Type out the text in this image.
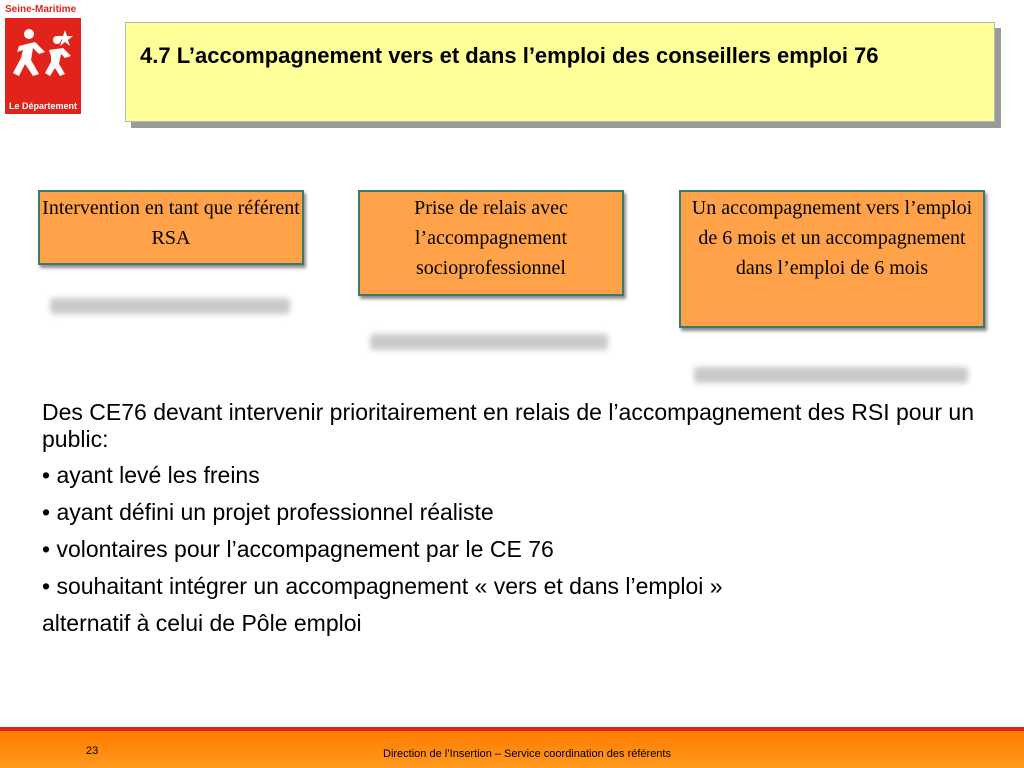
Seine-Maritime
Le Département

4.7 L’accompagnement vers et dans l’emploi des conseillers emploi 76

Intervention en tant que référent RSA
Prise de relais avec l’accompagnement socioprofessionnel
Un accompagnement vers l’emploi de 6 mois et un accompagnement dans l’emploi de 6 mois

Des CE76 devant intervenir prioritairement en relais de l’accompagnement des RSI pour un public:

• ayant levé les freins

• ayant défini un projet professionnel réaliste

• volontaires pour l’accompagnement par le CE 76

• souhaitant intégrer un accompagnement « vers et dans l’emploi »

alternatif à celui de Pôle emploi

23	Direction de l’Insertion – Service coordination des référents
